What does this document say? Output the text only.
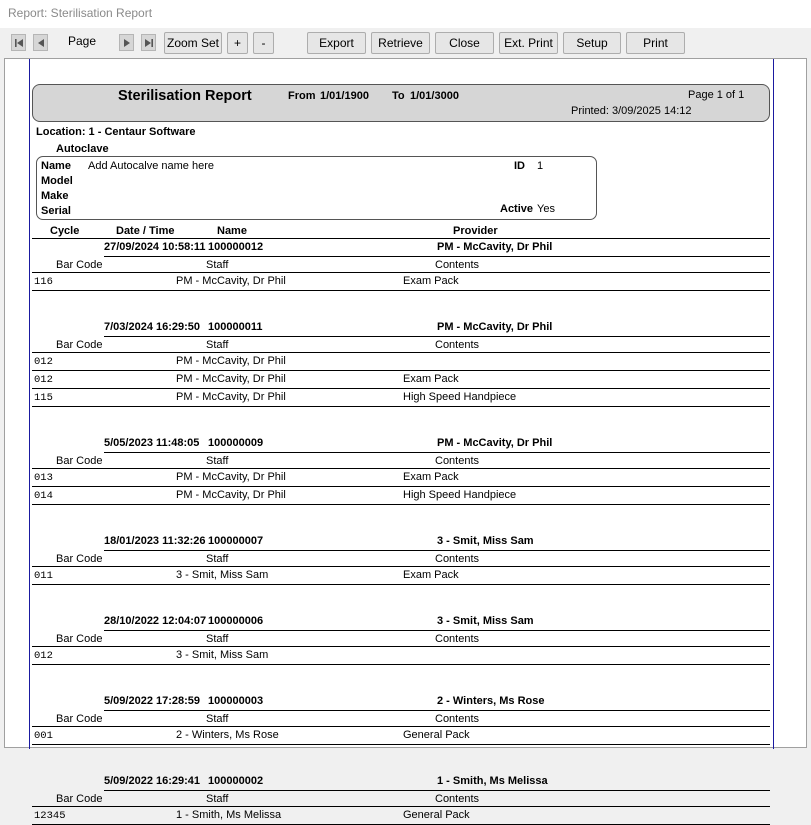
Report: Sterilisation Report
Page	Zoom Set	+	-	Export	Retrieve	Close	Ext. Print	Setup	Print
Sterilisation Report	From 1/01/1900 To 1/01/3000	Page 1 of 1
Printed: 3/09/2025 14:12
Location: 1 - Centaur Software
Autoclave
Name Add Autocalve name here
Model
Make
Serial
ID 1
Active Yes
Cycle	Date / Time	Name	Provider
27/09/2024 10:58:11 100000012	PM - McCavity, Dr Phil
Bar Code	Staff	Contents
116	PM - McCavity, Dr Phil	Exam Pack
7/03/2024 16:29:50 100000011	PM - McCavity, Dr Phil
Bar Code	Staff	Contents
012	PM - McCavity, Dr Phil
012	PM - McCavity, Dr Phil	Exam Pack
115	PM - McCavity, Dr Phil	High Speed Handpiece
5/05/2023 11:48:05 100000009	PM - McCavity, Dr Phil
Bar Code	Staff	Contents
013	PM - McCavity, Dr Phil	Exam Pack
014	PM - McCavity, Dr Phil	High Speed Handpiece
18/01/2023 11:32:26 100000007	3 - Smit, Miss Sam
Bar Code	Staff	Contents
011	3 - Smit, Miss Sam	Exam Pack
28/10/2022 12:04:07 100000006	3 - Smit, Miss Sam
Bar Code	Staff	Contents
012	3 - Smit, Miss Sam
5/09/2022 17:28:59 100000003	2 - Winters, Ms Rose
Bar Code	Staff	Contents
001	2 - Winters, Ms Rose	General Pack
5/09/2022 16:29:41 100000002	1 - Smith, Ms Melissa
Bar Code	Staff	Contents
12345	1 - Smith, Ms Melissa	General Pack
